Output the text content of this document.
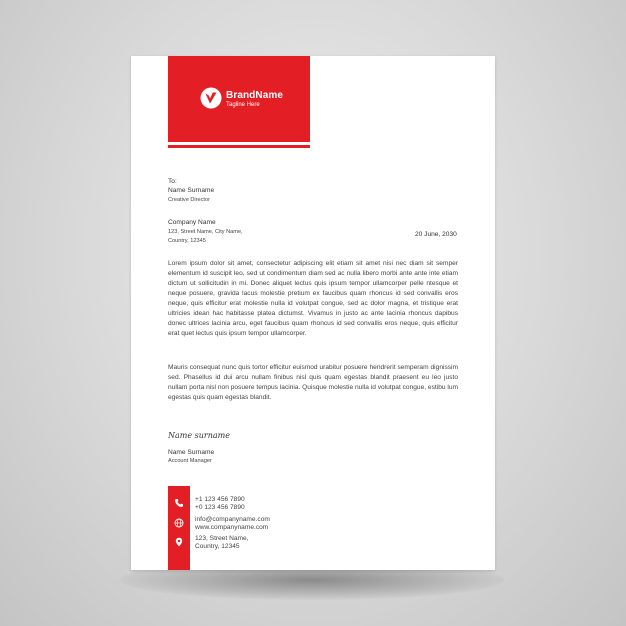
BrandName
Tagline Here
To:
Name Surname
Creative Director
Company Name
123, Street Name, City Name,
Country, 12345
20 June, 2030

Lorem ipsum dolor sit amet, consectetur adipiscing elit etiam sit amet nisi nec diam sit semper elementum id suscipit leo, sed ut condimentum diam sed ac nulla libero morbi ante ante inte etiam dictum ut sollicitudin in mi. Donec aliquet lectus quis ipsum tempor ullamcorper pelle ntesque et neque posuere, gravida lacus molestie pretium ex faucibus quam rhoncus id sed convallis eros neque, quis efficitur erat molestie nulla id volutpat congue, sed ac dolor magna, et tristique erat ultricies idean hac habitasse platea dictumst. Vivamus in justo ac ante lacinia rhoncus dapibus donec ultrices lacinia arcu, eget faucibus quam rhoncus id sed convallis eros neque, quis efficitur erat quet lectus quis ipsum tempor ullamcorper.

Mauris consequat nunc quis tortor efficitur euismod urabitur posuere hendrerit semperam dignissim sed. Phasellus id dui arcu nullam finibus nisl quis quam egestas blandit praesent eu leo justo nullam porta nisl non posuere tempus lacinia. Quisque molestie nulla id volutpat congue, estibu lum egestas quis quam egestas blandit.

Name surname
Name Surname
Account Manager
+1 123 456 7890
+0 123 456 7890
info@companyname.com
www.companyname.com
123, Street Name,
Country, 12345
